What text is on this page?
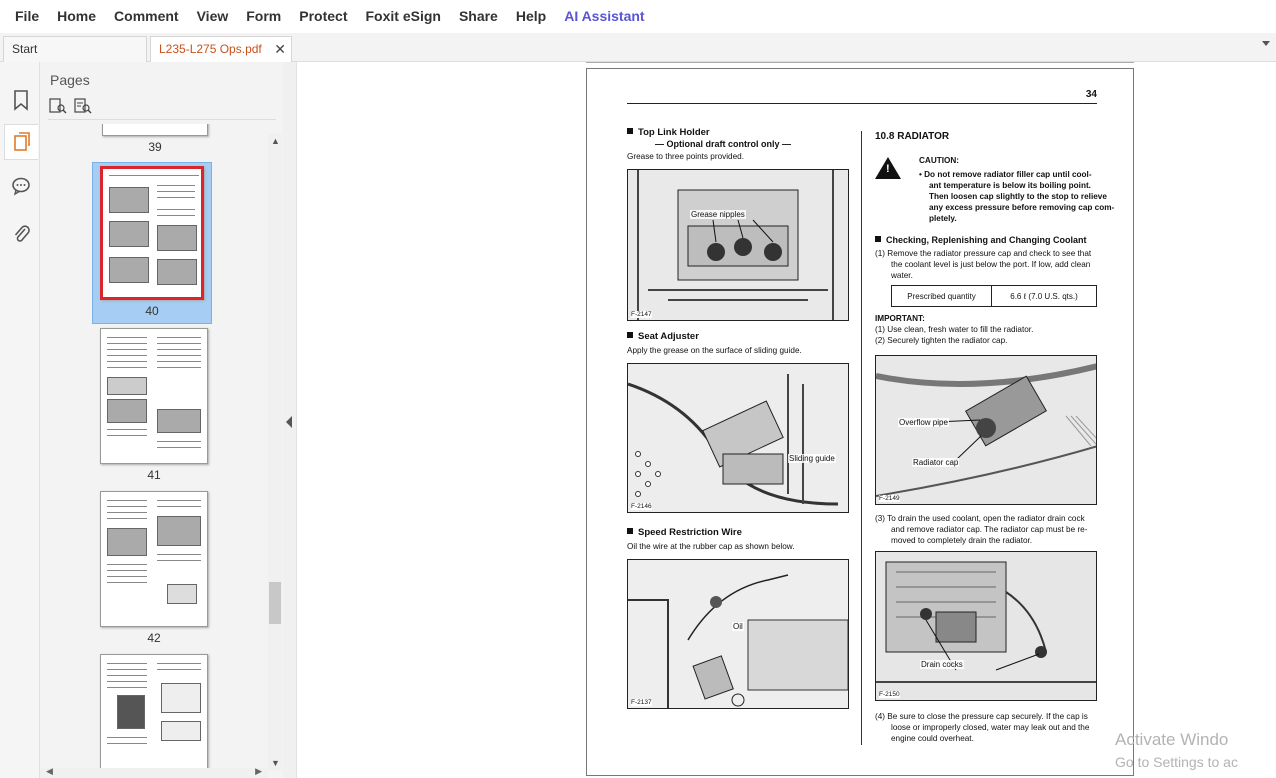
File	Home	Comment	View	Form	Protect	Foxit eSign	Share	Help	AI Assistant
Start	L235-L275 Ops.pdf ✕
Pages
39
40
41
42
▲
▼
◀	▶
34
Top Link Holder
— Optional draft control only —
Grease to three points provided.
Grease nipples
F-2147
Seat Adjuster
Apply the grease on the surface of sliding guide.
Sliding guide
F-2146
Speed Restriction Wire
Oil the wire at the rubber cap as shown below.
Oil
F-2137
10.8 RADIATOR
!
CAUTION:
• Do not remove radiator filler cap until cool-
ant temperature is below its boiling point.
Then loosen cap slightly to the stop to relieve
any excess pressure before removing cap com-
pletely.
Checking, Replenishing and Changing Coolant
(1) Remove the radiator pressure cap and check to see that
the coolant level is just below the port. If low, add clean
water.
Prescribed quantity	6.6 ℓ (7.0 U.S. qts.)
IMPORTANT:
(1) Use clean, fresh water to fill the radiator.
(2) Securely tighten the radiator cap.
Overflow pipe
Radiator cap
F-2149
(3) To drain the used coolant, open the radiator drain cock
and remove radiator cap. The radiator cap must be re-
moved to completely drain the radiator.
Drain cocks
F-2150
(4) Be sure to close the pressure cap securely. If the cap is
loose or improperly closed, water may leak out and the
engine could overheat.	Activate Windo
Go to Settings to ac
